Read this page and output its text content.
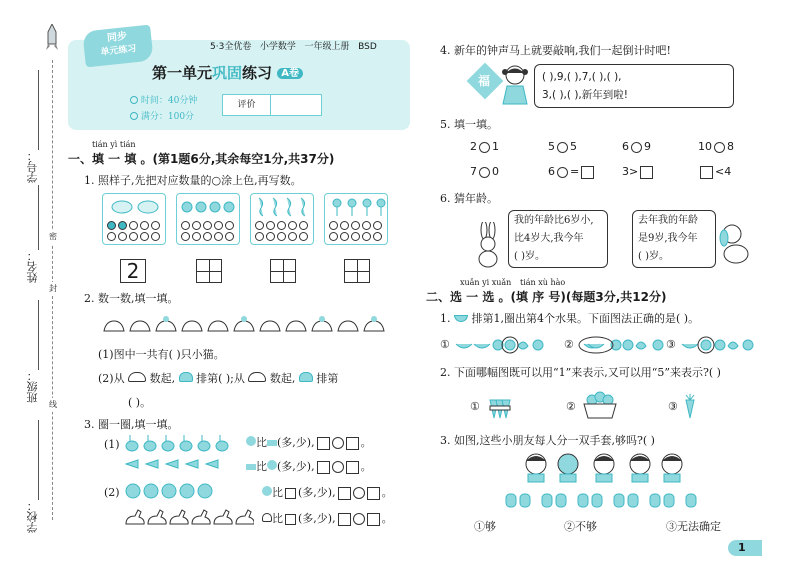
学号：
姓名：
密
封
班级：
线
学校：
同步
单元练习	5·3全优卷 小学数学 一年级上册 BSD
第一单元巩固练习 A卷
时间：40分钟
满分：100分
评价
tián yì tián
一、填 一 填 。(第1题6分,其余每空1分,共37分)
1. 照样子,先把对应数量的○涂上色,再写数。
2
2. 数一数,填一填。
(1)图中一共有( )只小猫。
(2)从 数起, 排第( );从 数起, 排第
( )。
3. 圈一圈,填一填。
(1)	比 (多,少),	。
比 (多,少),	。
(2)	比 (多,少),	。
比 (多,少),	。
4. 新年的钟声马上就要敲响,我们一起倒计时吧!
福	( ),9,( ),7,( ),( ),
3,( ),( ),新年到啦!
5. 填一填。
2 1	5 5	6 9	10 8
7 0	6 =	3>	<4
6. 猜年龄。
我的年龄比6岁小,
比4岁大,我今年
( )岁。
去年我的年龄
是9岁,我今年
( )岁。
xuǎn yi xuǎn tián xù hào
二、选 一 选 。(填 序 号)(每题3分,共12分)
1. 排第1,圈出第4个水果。下面图法正确的是( )。
①	②	③
2. 下面哪幅图既可以用“1”来表示,又可以用“5”来表示?( )
①	②	③
3. 如图,这些小朋友每人分一双手套,够吗?( )
①够	②不够	③无法确定
1
